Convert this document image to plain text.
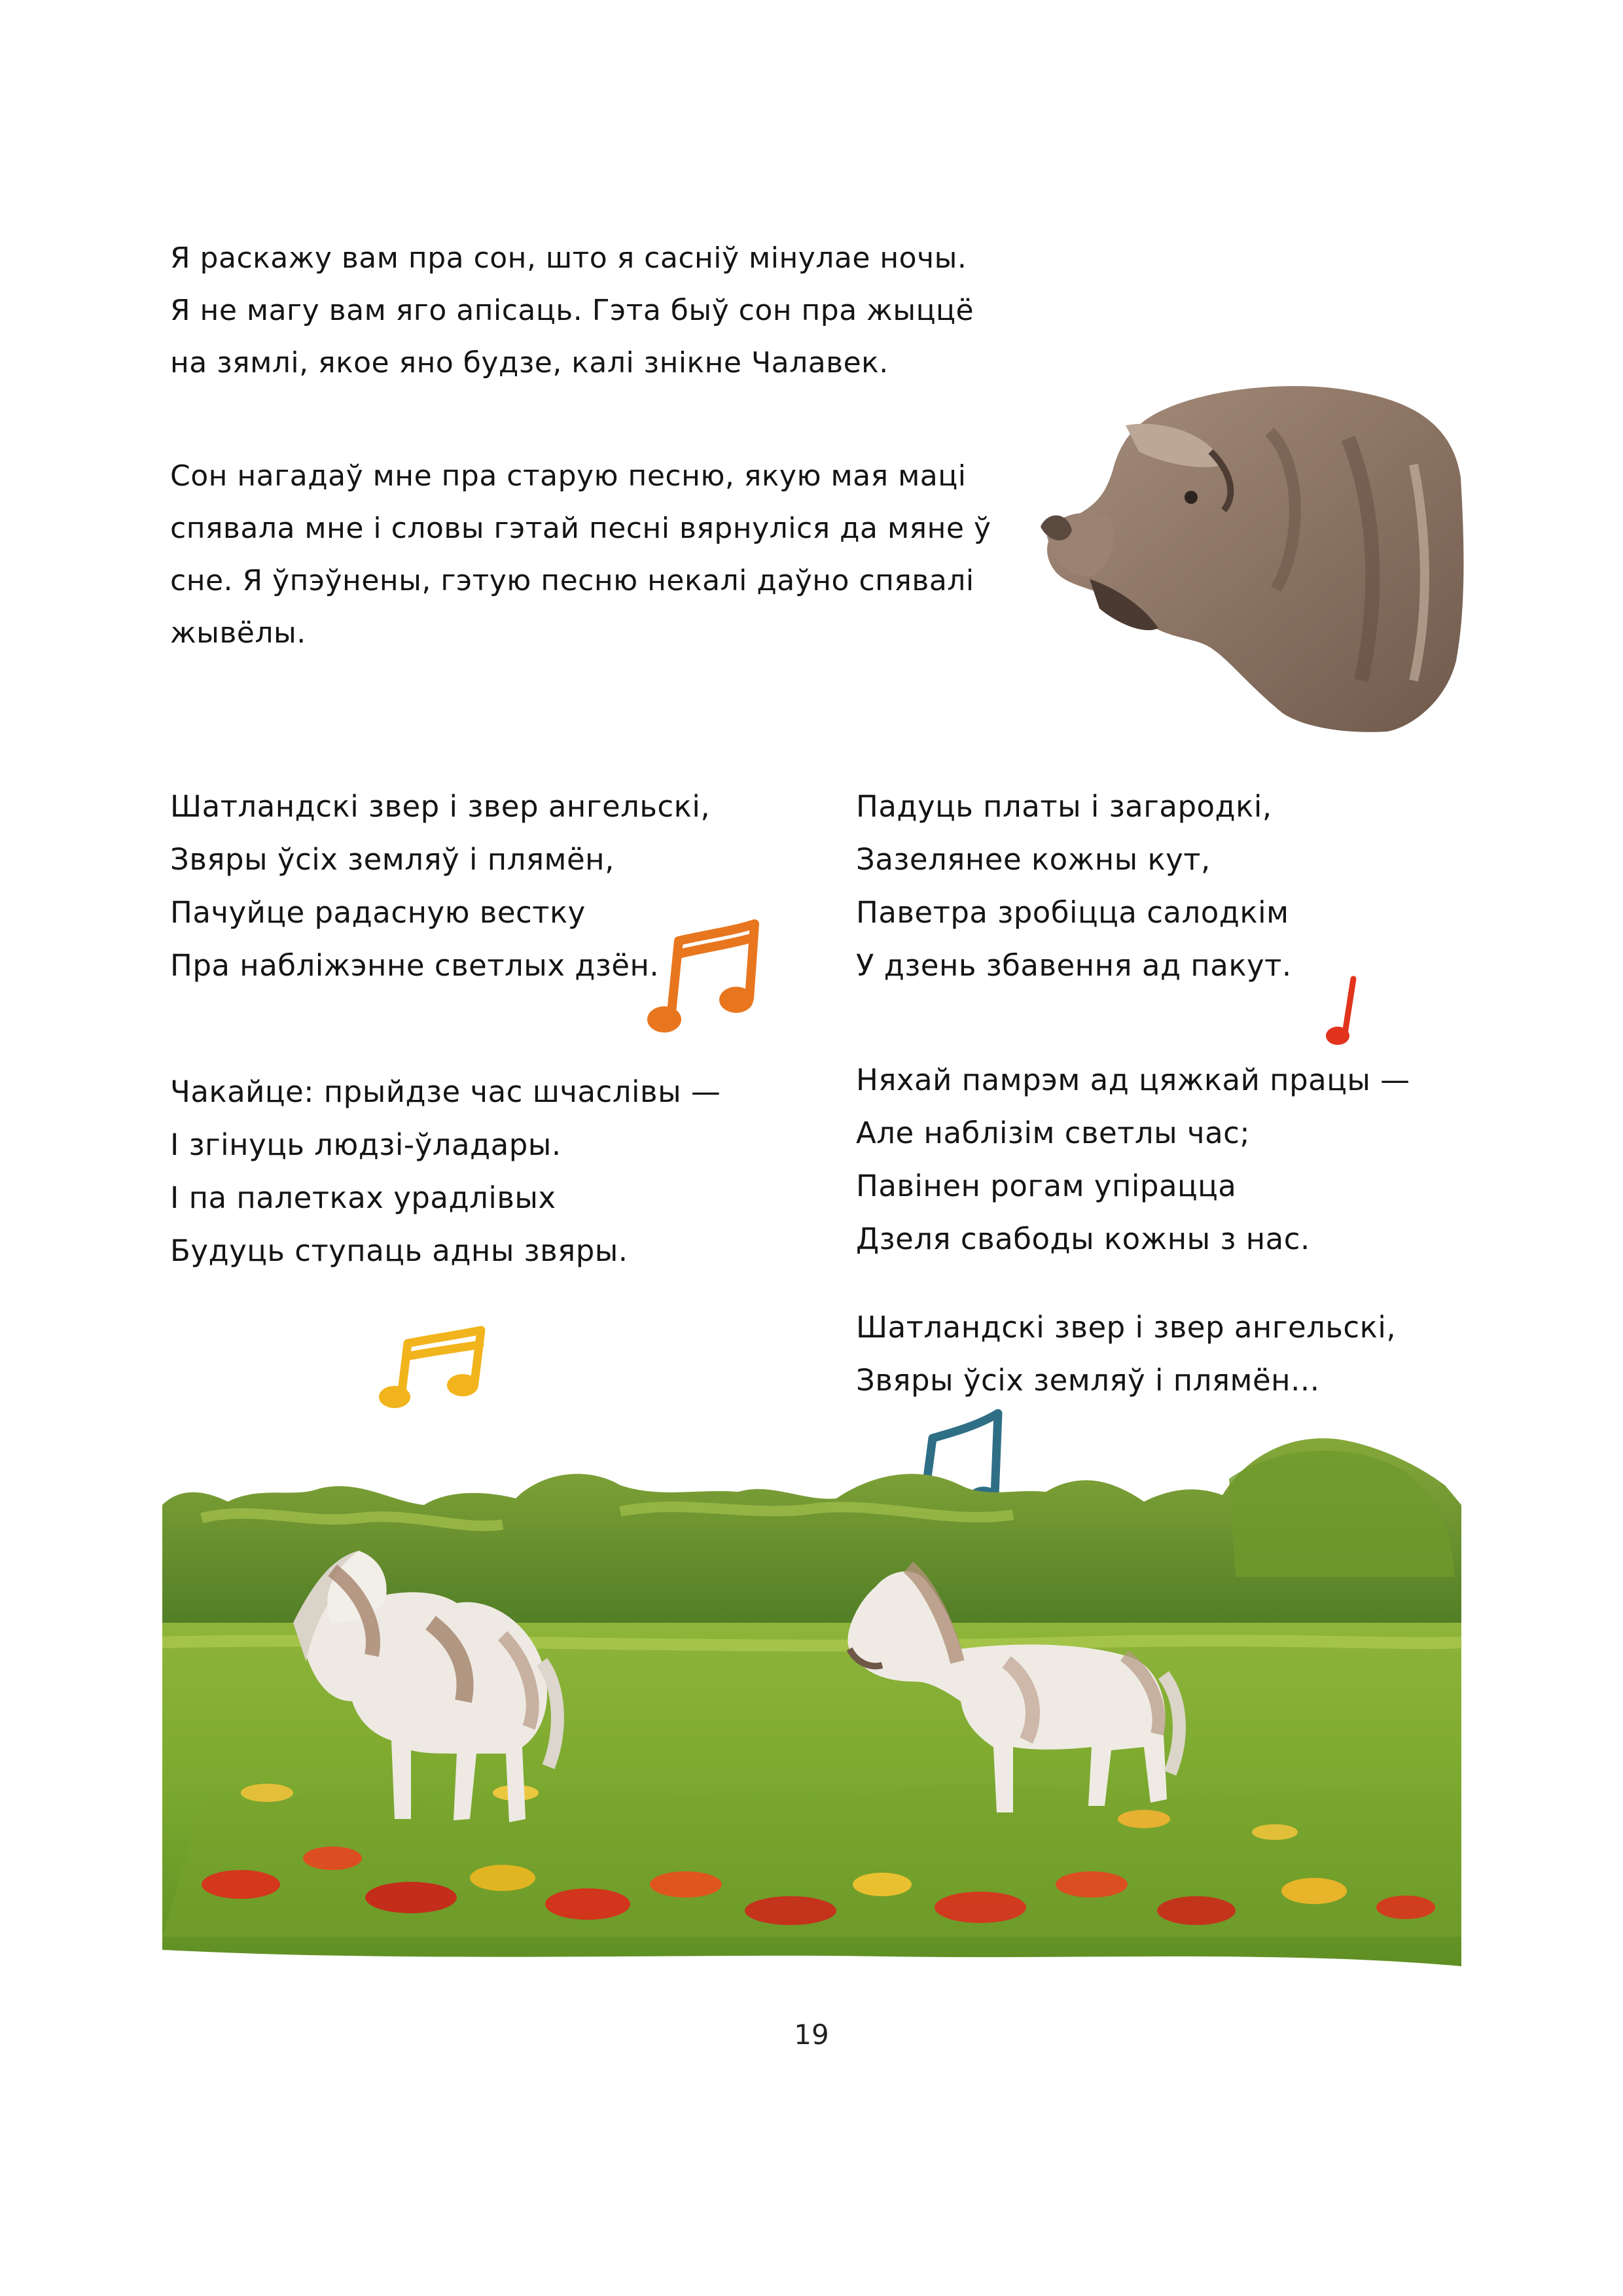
Я раскажу вам пра сон, што я сасніў мінулае ночы.
Я не магу вам яго апісаць. Гэта быў сон пра жыццё
на зямлі, якое яно будзе, калі знікне Чалавек.
Сон нагадаў мне пра старую песню, якую мая маці
спявала мне і словы гэтай песні вярнуліся да мяне ў
сне. Я ўпэўнены, гэтую песню некалі даўно спявалі
жывёлы.
Шатландскі звер і звер ангельскі,
Звяры ўсіх земляў і плямён,
Пачуйце радасную вестку
Пра набліжэнне светлых дзён.
Чакайце: прыйдзе час шчаслівы —
І згінуць людзі-ўладары.
І па палетках урадлівых
Будуць ступаць адны звяры.
Падуць платы і загародкі,
Зазелянее кожны кут,
Паветра зробіцца салодкім
У дзень збавення ад пакут.
Няхай памрэм ад цяжкай працы —
Але наблізім светлы час;
Павінен рогам упірацца
Дзеля свабоды кожны з нас.
Шатландскі звер і звер ангельскі,
Звяры ўсіх земляў і плямён...
19
